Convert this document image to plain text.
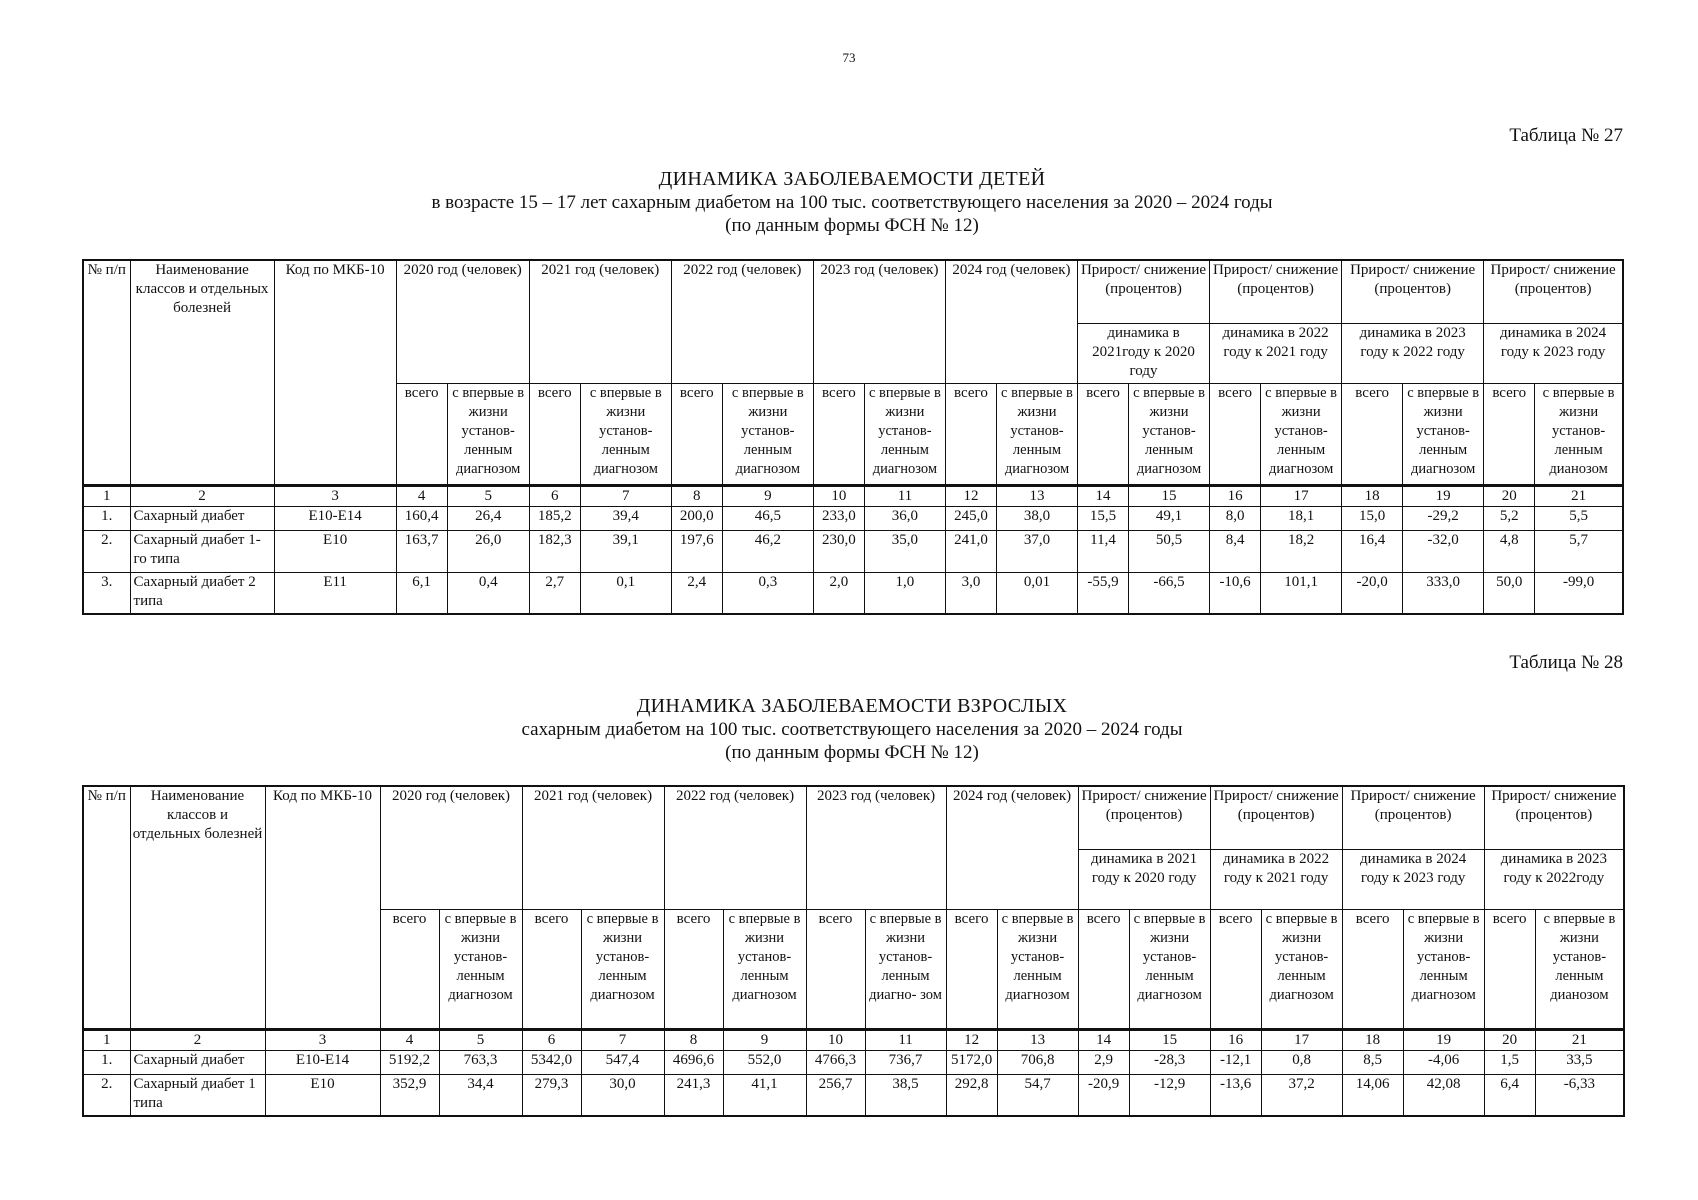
73
Таблица № 27
ДИНАМИКА ЗАБОЛЕВАЕМОСТИ ДЕТЕЙ
в возрасте 15 – 17 лет сахарным диабетом на 100 тыс. соответствующего населения за 2020 – 2024 годы
(по данным формы ФСН № 12)
№ п/п	Наименование классов и отдельных болезней	Код по МКБ-10	2020 год (человек)		2021 год (человек)		2022 год (человек)		2023 год (человек)		2024 год (человек)		Прирост/ снижение (процентов)		Прирост/ снижение (процентов)		Прирост/ снижение (процентов)		Прирост/ снижение (процентов)	
													динамика в 2021году к 2020 году		динамика в 2022 году к 2021 году		динамика в 2023 году к 2022 году		динамика в 2024 году к 2023 году	
			всего	с впервые в жизни установ- ленным диагнозом	всего	с впервые в жизни установ- ленным диагнозом	всего	с впервые в жизни установ- ленным диагнозом	всего	с впервые в жизни установ- ленным диагнозом	всего	с впервые в жизни установ- ленным диагнозом	всего	с впервые в жизни установ- ленным диагнозом	всего	с впервые в жизни установ- ленным диагнозом	всего	с впервые в жизни установ- ленным диагнозом	всего	с впервые в жизни установ- ленным дианозом
1	2	3	4	5	6	7	8	9	10	11	12	13	14	15	16	17	18	19	20	21
1.	Сахарный диабет	E10-E14	160,4	26,4	185,2	39,4	200,0	46,5	233,0	36,0	245,0	38,0	15,5	49,1	8,0	18,1	15,0	-29,2	5,2	5,5
2.	Сахарный диабет 1-го типа	E10	163,7	26,0	182,3	39,1	197,6	46,2	230,0	35,0	241,0	37,0	11,4	50,5	8,4	18,2	16,4	-32,0	4,8	5,7
3.	Сахарный диабет 2 типа	E11	6,1	0,4	2,7	0,1	2,4	0,3	2,0	1,0	3,0	0,01	-55,9	-66,5	-10,6	101,1	-20,0	333,0	50,0	-99,0
Таблица № 28
ДИНАМИКА ЗАБОЛЕВАЕМОСТИ ВЗРОСЛЫХ
сахарным диабетом на 100 тыс. соответствующего населения за 2020 – 2024 годы
(по данным формы ФСН № 12)
№ п/п	Наименование классов и отдельных болезней	Код по МКБ-10	2020 год (человек)		2021 год (человек)		2022 год (человек)		2023 год (человек)		2024 год (человек)		Прирост/ снижение (процентов)		Прирост/ снижение (процентов)		Прирост/ снижение (процентов)		Прирост/ снижение (процентов)	
													динамика в 2021 году к 2020 году		динамика в 2022 году к 2021 году		динамика в 2024 году к 2023 году		динамика в 2023 году к 2022году	
			всего	с впервые в жизни установ- ленным диагнозом	всего	с впервые в жизни установ- ленным диагнозом	всего	с впервые в жизни установ- ленным диагнозом	всего	с впервые в жизни установ- ленным диагно- зом	всего	с впервые в жизни установ- ленным диагнозом	всего	с впервые в жизни установ- ленным диагнозом	всего	с впервые в жизни установ- ленным диагнозом	всего	с впервые в жизни установ- ленным диагнозом	всего	с впервые в жизни установ- ленным дианозом
1	2	3	4	5	6	7	8	9	10	11	12	13	14	15	16	17	18	19	20	21
1.	Сахарный диабет	E10-E14	5192,2	763,3	5342,0	547,4	4696,6	552,0	4766,3	736,7	5172,0	706,8	2,9	-28,3	-12,1	0,8	8,5	-4,06	1,5	33,5
2.	Сахарный диабет 1 типа	E10	352,9	34,4	279,3	30,0	241,3	41,1	256,7	38,5	292,8	54,7	-20,9	-12,9	-13,6	37,2	14,06	42,08	6,4	-6,33
